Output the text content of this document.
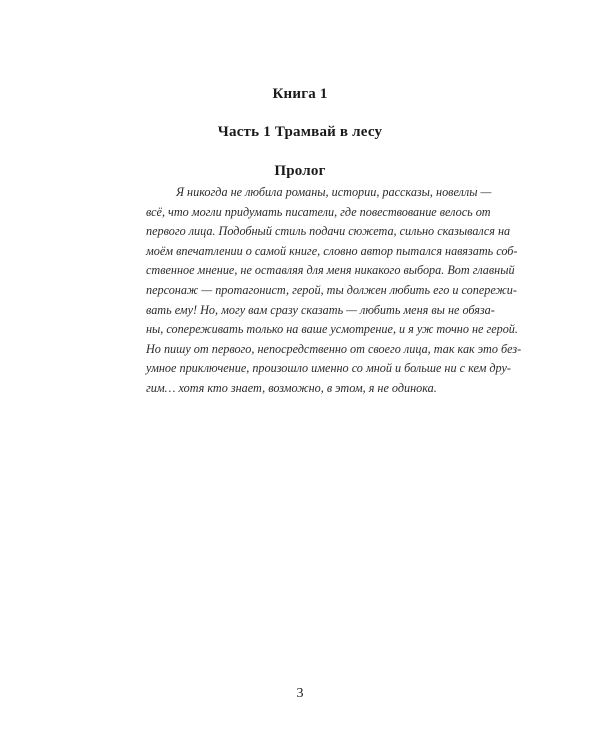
Книга 1
Часть 1 Трамвай в лесу
Пролог
Я никогда не любила романы, истории, рассказы, новеллы —
всё, что могли придумать писатели, где повествование велось от
первого лица. Подобный стиль подачи сюжета, сильно сказывался на
моём впечатлении о самой книге, словно автор пытался навязать соб-
ственное мнение, не оставляя для меня никакого выбора. Вот главный
персонаж — протагонист, герой, ты должен любить его и сопережи-
вать ему! Но, могу вам сразу сказать — любить меня вы не обяза-
ны, сопереживать только на ваше усмотрение, и я уж точно не герой.
Но пишу от первого, непосредственно от своего лица, так как это без-
умное приключение, произошло именно со мной и больше ни с кем дру-
гим… хотя кто знает, возможно, в этом, я не одинока.
3
